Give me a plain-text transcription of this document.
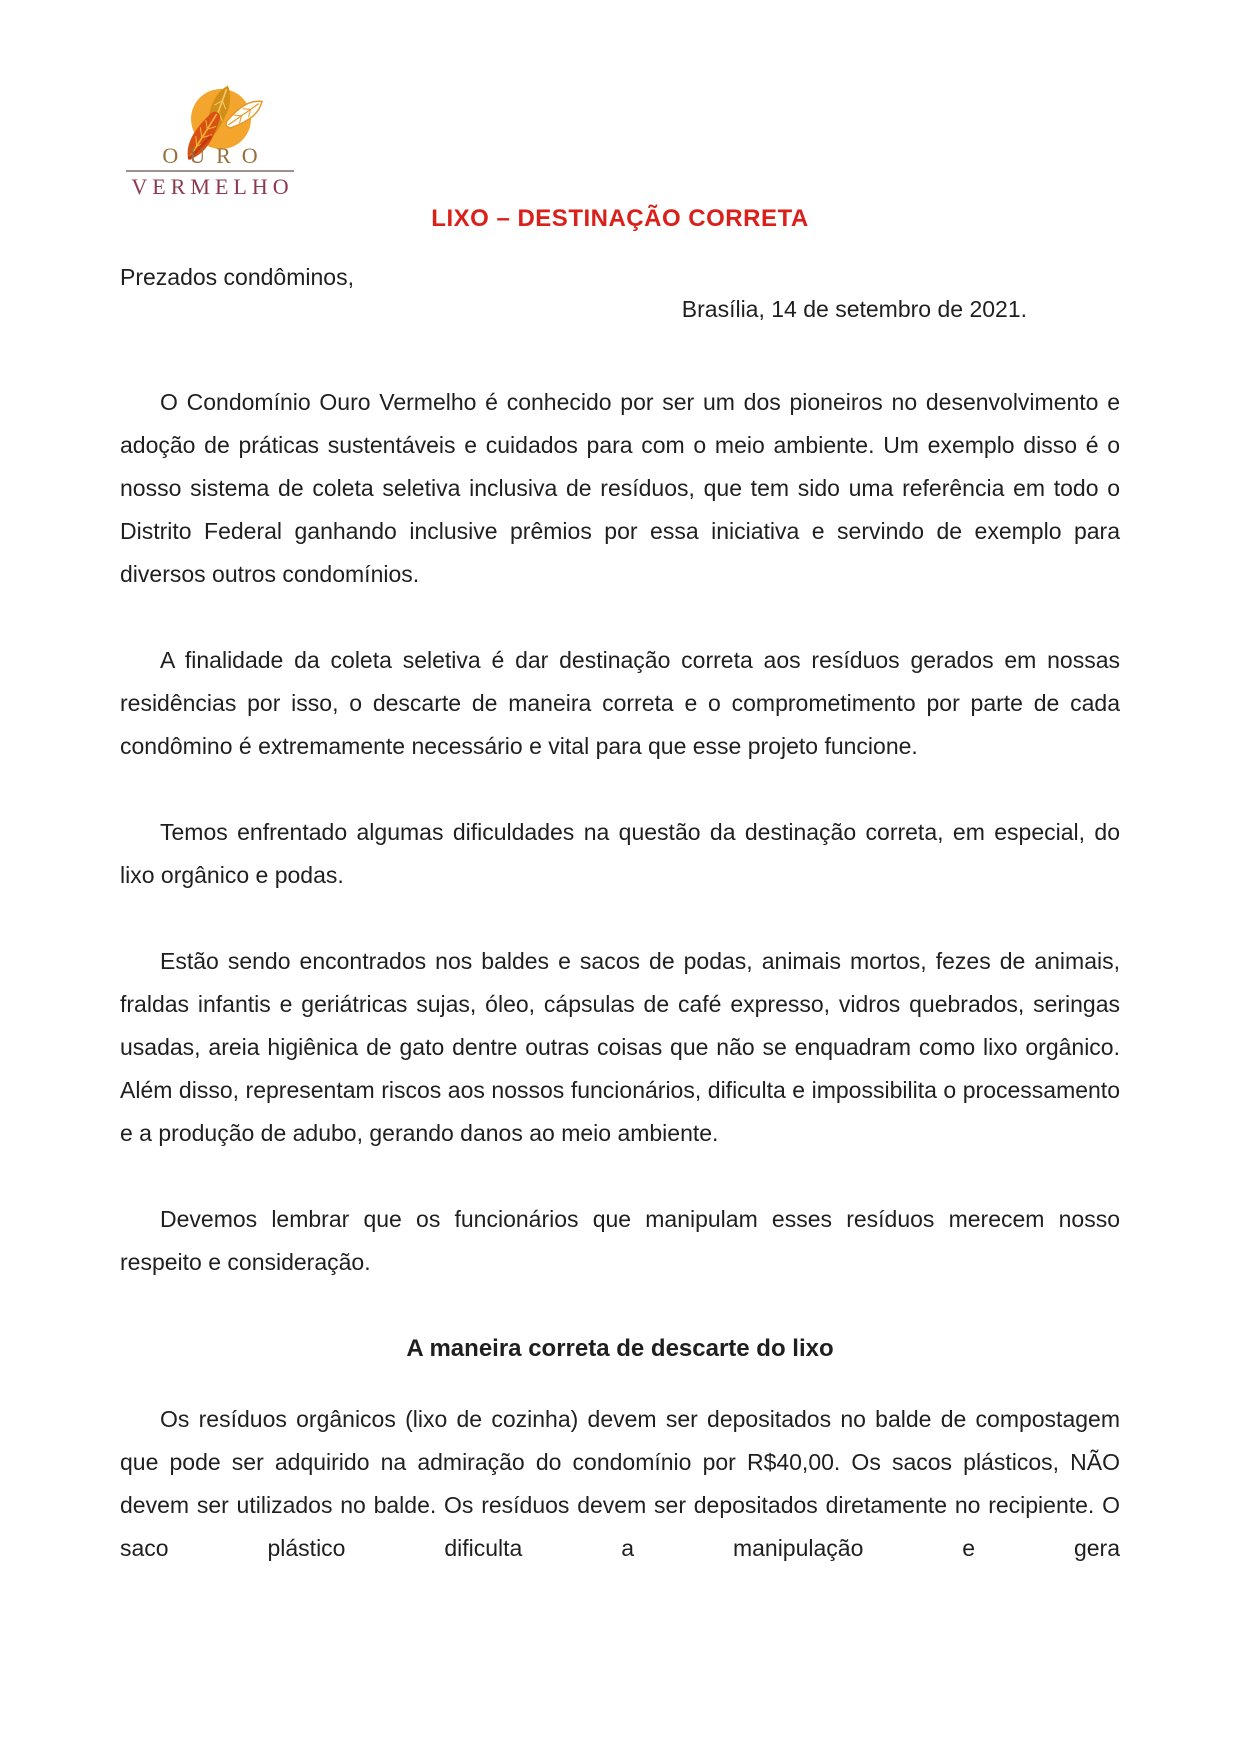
OURO
VERMELHO
LIXO – DESTINAÇÃO CORRETA
Prezados condôminos,
Brasília, 14 de setembro de 2021.

O Condomínio Ouro Vermelho é conhecido por ser um dos pioneiros no desenvolvimento e adoção de práticas sustentáveis e cuidados para com o meio ambiente. Um exemplo disso é o nosso sistema de coleta seletiva inclusiva de resíduos, que tem sido uma referência em todo o Distrito Federal ganhando inclusive prêmios por essa iniciativa e servindo de exemplo para diversos outros condomínios.

A finalidade da coleta seletiva é dar destinação correta aos resíduos gerados em nossas residências por isso, o descarte de maneira correta e o comprometimento por parte de cada condômino é extremamente necessário e vital para que esse projeto funcione.

Temos enfrentado algumas dificuldades na questão da destinação correta, em especial, do lixo orgânico e podas.

Estão sendo encontrados nos baldes e sacos de podas, animais mortos, fezes de animais, fraldas infantis e geriátricas sujas, óleo, cápsulas de café expresso, vidros quebrados, seringas usadas, areia higiênica de gato dentre outras coisas que não se enquadram como lixo orgânico. Além disso, representam riscos aos nossos funcionários, dificulta e impossibilita o processamento e a produção de adubo, gerando danos ao meio ambiente.

Devemos lembrar que os funcionários que manipulam esses resíduos merecem nosso respeito e consideração.

A maneira correta de descarte do lixo

Os resíduos orgânicos (lixo de cozinha) devem ser depositados no balde de compostagem que pode ser adquirido na admiração do condomínio por R$40,00. Os sacos plásticos, NÃO devem ser utilizados no balde. Os resíduos devem ser depositados diretamente no recipiente. O saco plástico dificulta a manipulação e gera
